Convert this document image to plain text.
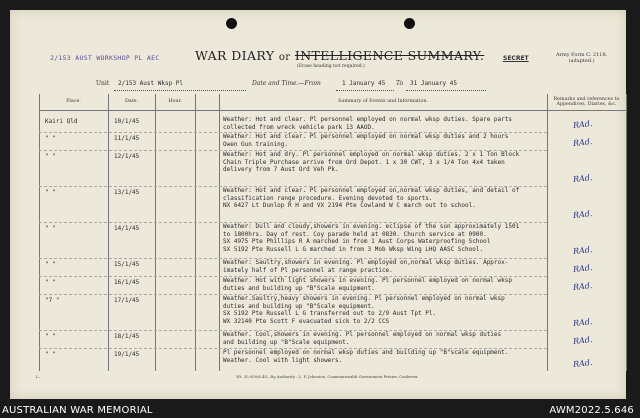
2/153 AUST WORKSHOP PL AEC	WAR DIARY or INTELLIGENCE SUMMARY.
(Erase heading not required.)
SECRET	Army Form C. 2118.
(adapted.)
Unit 2/153 Aust Wksp Pl	Date and Time.—From	1 January 45 To 31 January 45
Place.	Date.	Hour.	Summary of Events and Information.
Remarks and references to Appendices, Diaries, &c.
Kairi Qld	10/1/45	Weather: Hot and clear. Pl personnel employed on normal wksp duties. Spare parts
collected from wreck vehicle park 13 AAOD.	RAd.
" "	11/1/45	Weather: Hot and clear. Pl personnel employed on normal wksp duties and 2 hours
Owen Gun training.	RAd.
" "	12/1/45	Weather: Hot and dry. Pl personnel employed on normal wksp duties. 2 x 1 Ton Block
Chain Triple Purchase arrive from Ord Depot. 1 x 30 CWT, 3 x 1/4 Ton 4x4 taken
delivery from 7 Aust Ord Veh Pk.
RAd.
" "	13/1/45	Weather: Hot and clear. Pl personnel employed on,normal wksp duties, and detail of
classification range procedure. Evening devoted to sports.
NX 6427 Lt Dunlop R H and VX 2194 Pte Cowland W C march out to school.
RAd.
" "	14/1/45	Weather: Dull and cloudy,showers in evening. eclipse of the sun approximately 1501
to 1800hrs. Day of rest. Coy parade held at 0830. Church service at 0900.
SX 4975 Pte Phillips R A marched in from 1 Aust Corps Waterproofing School
SX 5192 Pte Russell L G marched in from 3 Mob Wksp Wing LHQ AASC School.	RAd.
" "	15/1/45	Weather: Saultry,showers in evening. Pl employed on,normal wksp duties. Approx-
imately half of Pl personnel at range practice.	RAd.
" "	16/1/45	Weather. Hot with light showers in evening. Pl personnel employed on normal wksp
duties and building up "B"Scale equipment.	RAd.
"7 "	17/1/45	Weather.Saultry,heavy showers in evening. Pl personnel employed on normal wksp
duties and building up "B"Scale equipment.
SX 5192 Pte Russell L G transferred out to 2/9 Aust Tpt Pl.
WX 32140 Pte Scott F evacuated sick to 2/2 CCS	RAd.
" "	18/1/45	Weather. Cool,showers in evening. Pl personnel employed on normal wksp duties
and building up "B"Scale equipment.	RAd.
" "	19/1/45	Pl personnel employed on normal wksp duties and building up "B"scale equipment.
Weather. Cool with light showers.	RAd.
L.	Wt. 35,000/6.40—By Authority : L. F. Johnston, Commonwealth Government Printer, Canberra.
AUSTRALIAN WAR MEMORIAL	AWM2022.5.646
